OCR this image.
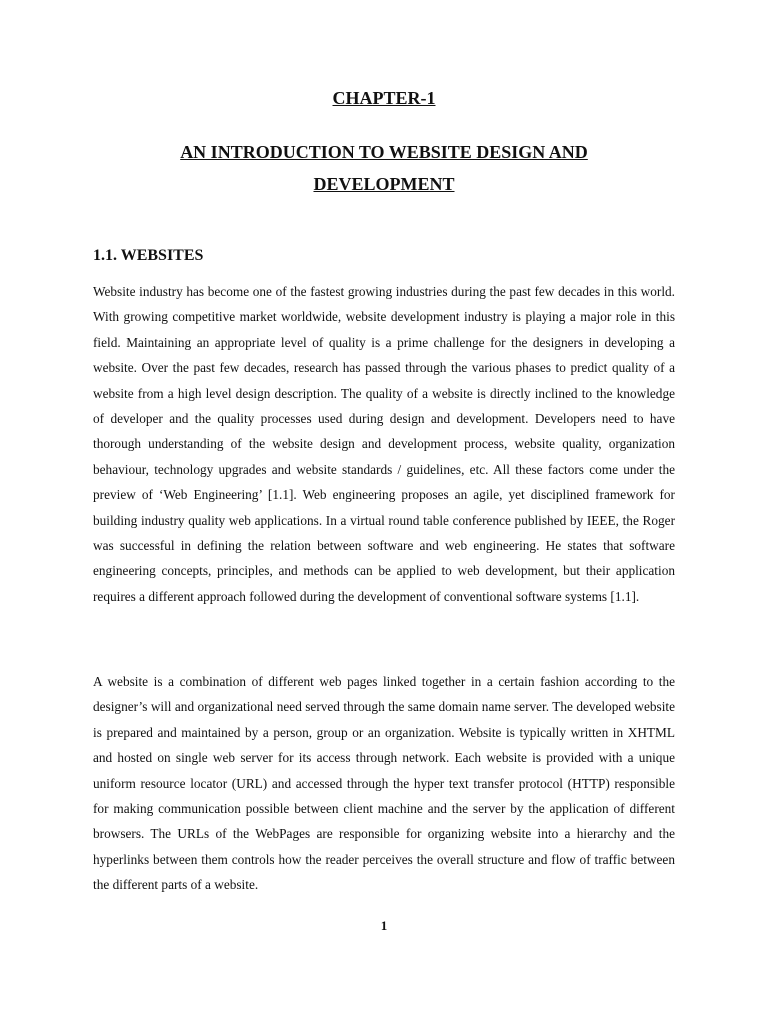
CHAPTER-1
AN INTRODUCTION TO WEBSITE DESIGN AND DEVELOPMENT
1.1. WEBSITES

Website industry has become one of the fastest growing industries during the past few decades in this world. With growing competitive market worldwide, website development industry is playing a major role in this field. Maintaining an appropriate level of quality is a prime challenge for the designers in developing a website. Over the past few decades, research has passed through the various phases to predict quality of a website from a high level design description. The quality of a website is directly inclined to the knowledge of developer and the quality processes used during design and development. Developers need to have thorough understanding of the website design and development process, website quality, organization behaviour, technology upgrades and website standards / guidelines, etc. All these factors come under the preview of ‘Web Engineering’ [1.1]. Web engineering proposes an agile, yet disciplined framework for building industry quality web applications. In a virtual round table conference published by IEEE, the Roger was successful in defining the relation between software and web engineering. He states that software engineering concepts, principles, and methods can be applied to web development, but their application requires a different approach followed during the development of conventional software systems [1.1].

A website is a combination of different web pages linked together in a certain fashion according to the designer’s will and organizational need served through the same domain name server. The developed website is prepared and maintained by a person, group or an organization. Website is typically written in XHTML and hosted on single web server for its access through network. Each website is provided with a unique uniform resource locator (URL) and accessed through the hyper text transfer protocol (HTTP) responsible for making communication possible between client machine and the server by the application of different browsers. The URLs of the WebPages are responsible for organizing website into a hierarchy and the hyperlinks between them controls how the reader perceives the overall structure and flow of traffic between the different parts of a website.

1
